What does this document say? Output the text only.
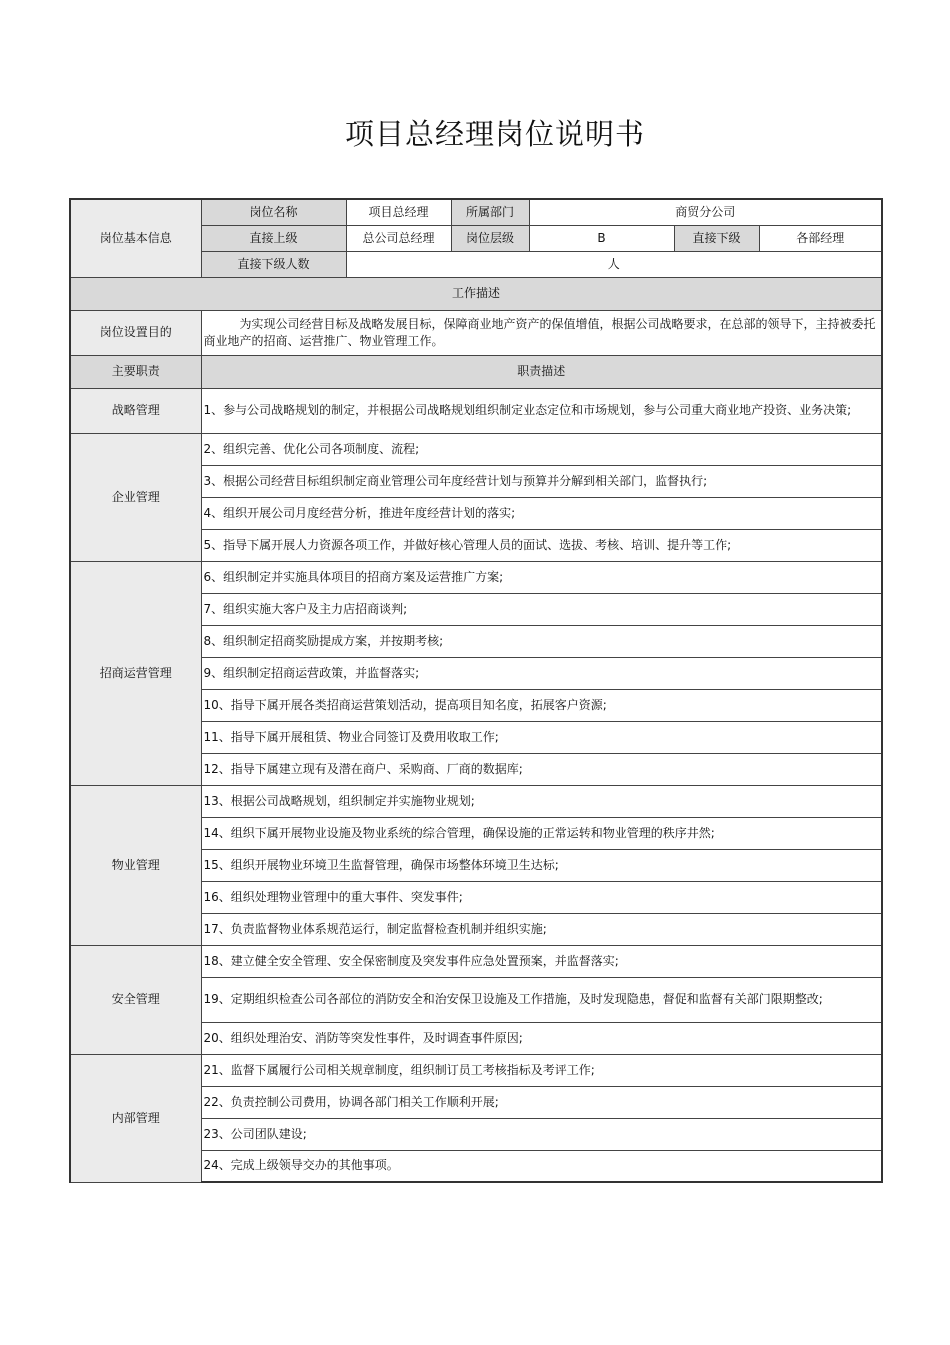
项目总经理岗位说明书
岗位基本信息	岗位名称	项目总经理	所属部门	商贸分公司		
	直接上级	总公司总经理	岗位层级	B	直接下级	各部经理
	直接下级人数	人				
工作描述						
岗位设置目的	　　　为实现公司经营目标及战略发展目标，保障商业地产资产的保值增值，根据公司战略要求，在总部的领导下，主持被委托商业地产的招商、运营推广、物业管理工作。					
主要职责	职责描述					
战略管理	1、参与公司战略规划的制定，并根据公司战略规划组织制定业态定位和市场规划，参与公司重大商业地产投资、业务决策;					
企业管理	2、组织完善、优化公司各项制度、流程;					
	3、根据公司经营目标组织制定商业管理公司年度经营计划与预算并分解到相关部门，监督执行;					
	4、组织开展公司月度经营分析，推进年度经营计划的落实;					
	5、指导下属开展人力资源各项工作，并做好核心管理人员的面试、选拔、考核、培训、提升等工作;					
招商运营管理	6、组织制定并实施具体项目的招商方案及运营推广方案;					
	7、组织实施大客户及主力店招商谈判;					
	8、组织制定招商奖励提成方案，并按期考核;					
	9、组织制定招商运营政策，并监督落实;					
	10、指导下属开展各类招商运营策划活动，提高项目知名度，拓展客户资源;					
	11、指导下属开展租赁、物业合同签订及费用收取工作;					
	12、指导下属建立现有及潜在商户、采购商、厂商的数据库;					
物业管理	13、根据公司战略规划，组织制定并实施物业规划;					
	14、组织下属开展物业设施及物业系统的综合管理，确保设施的正常运转和物业管理的秩序井然;					
	15、组织开展物业环境卫生监督管理，确保市场整体环境卫生达标;					
	16、组织处理物业管理中的重大事件、突发事件;					
	17、负责监督物业体系规范运行，制定监督检查机制并组织实施;					
安全管理	18、建立健全安全管理、安全保密制度及突发事件应急处置预案，并监督落实;					
	19、定期组织检查公司各部位的消防安全和治安保卫设施及工作措施，及时发现隐患，督促和监督有关部门限期整改;					
	20、组织处理治安、消防等突发性事件，及时调查事件原因;					
内部管理	21、监督下属履行公司相关规章制度，组织制订员工考核指标及考评工作;					
	22、负责控制公司费用，协调各部门相关工作顺利开展;					
	23、公司团队建设;					
	24、完成上级领导交办的其他事项。					
